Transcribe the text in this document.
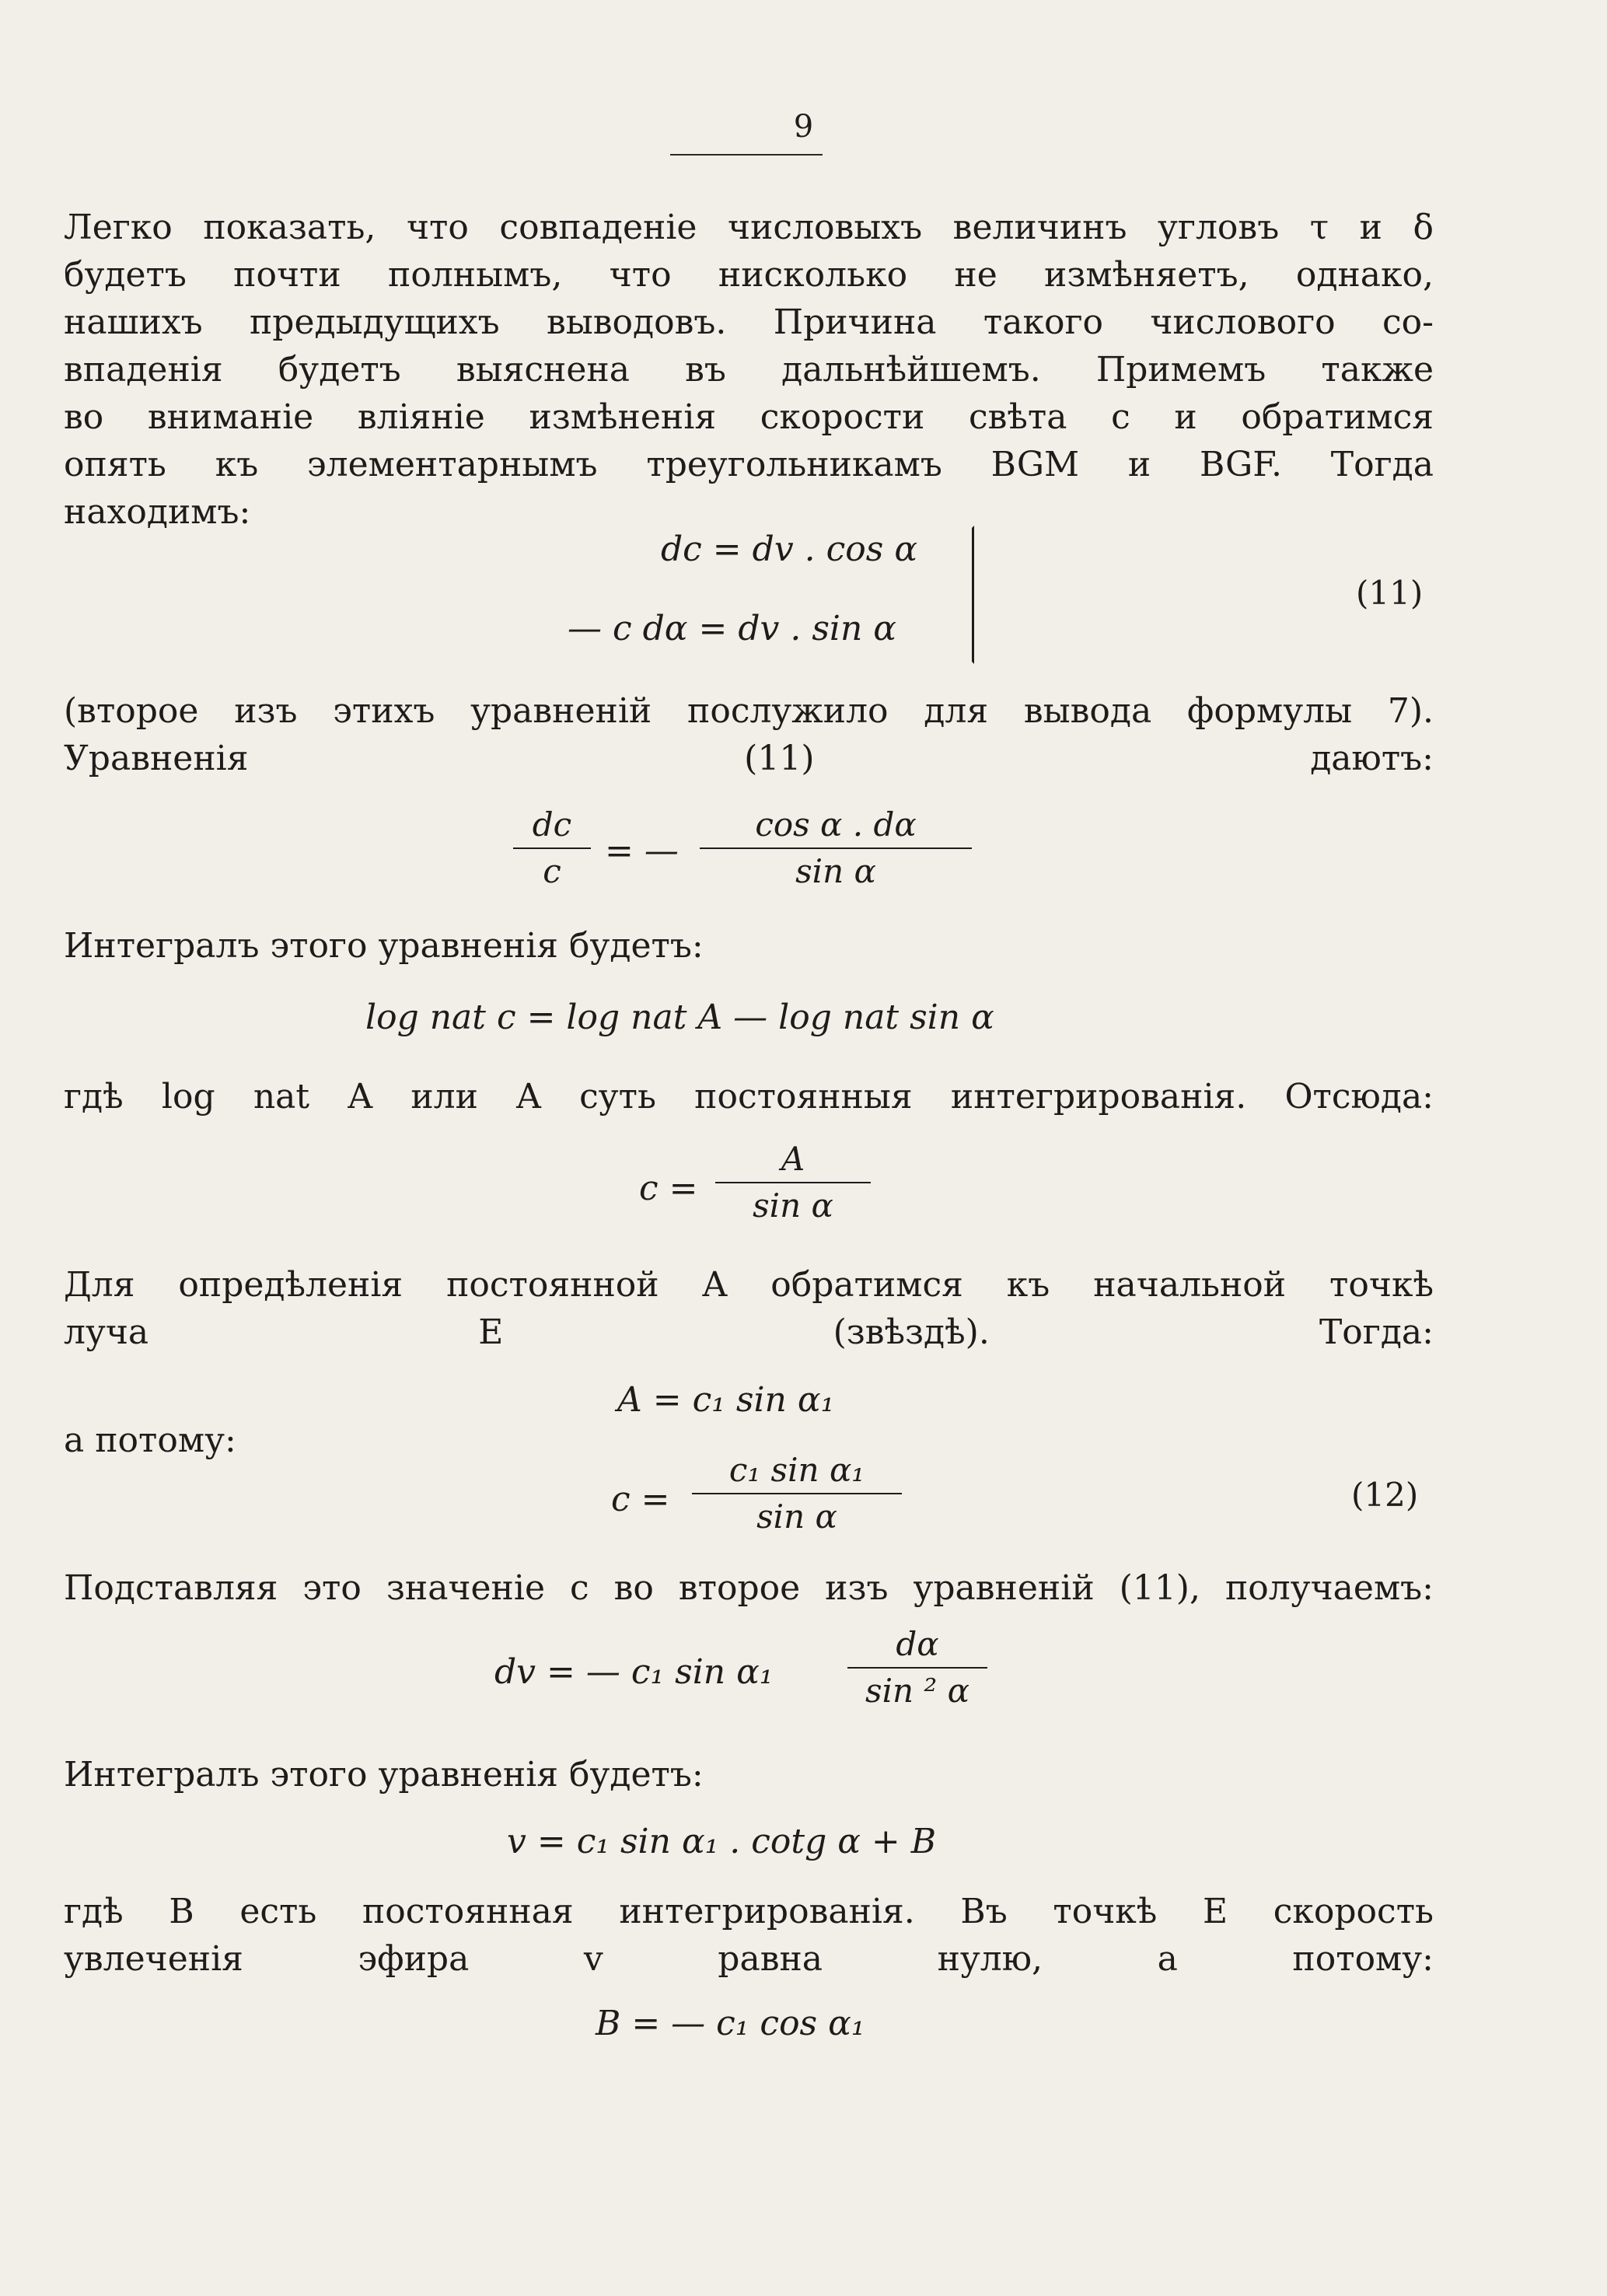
9
Легко показать, что совпаденіе числовыхъ величинъ угловъ τ и δ
будетъ почти полнымъ, что нисколько не измѣняетъ, однако,
нашихъ предыдущихъ выводовъ. Причина такого числового со-
впаденія будетъ выяснена въ дальнѣйшемъ. Примемъ также
во вниманіе вліяніе измѣненія скорости свѣта c и обратимся
опять къ элементарнымъ треугольникамъ BGM и BGF. Тогда
находимъ:
dc = dv . cos α
— c dα = dv . sin α
(11)
(второе изъ этихъ уравненій послужило для вывода формулы 7).
Уравненія (11) даютъ:
dc
c
= —
cos α . dα
sin α
Интегралъ этого уравненія будетъ:
log nat c = log nat A — log nat sin α
гдѣ log nat A или A суть постоянныя интегрированія. Отсюда:
c =
A
sin α
Для опредѣленія постоянной A обратимся къ начальной точкѣ
луча E (звѣздѣ). Тогда:
A = c₁ sin α₁
а потому:
c =
c₁ sin α₁
sin α
(12)
Подставляя это значеніе c во второе изъ уравненій (11), получаемъ:
dv = — c₁ sin α₁
dα
sin ² α
Интегралъ этого уравненія будетъ:
v = c₁ sin α₁ . cotg α + B
гдѣ B есть постоянная интегрированія. Въ точкѣ E скорость
увлеченія эфира v равна нулю, а потому:
B = — c₁ cos α₁
